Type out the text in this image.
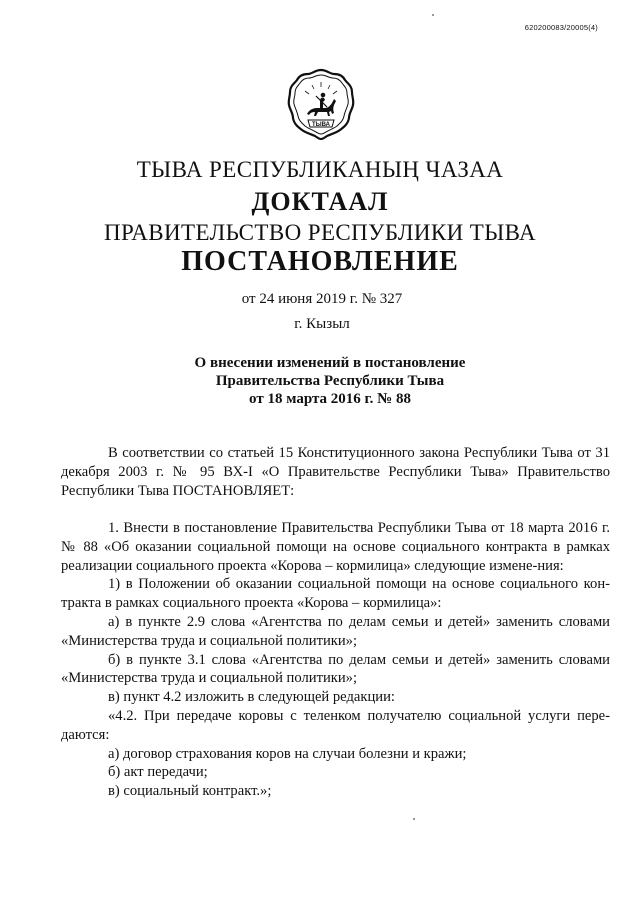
620200083/20005(4)
ТЫВА
ТЫВА РЕСПУБЛИКАНЫҢ ЧАЗАА
ДОКТААЛ
ПРАВИТЕЛЬСТВО РЕСПУБЛИКИ ТЫВА
ПОСТАНОВЛЕНИЕ
от 24 июня 2019 г. № 327
г. Кызыл
О внесении изменений в постановление
Правительства Республики Тыва
от 18 марта 2016 г. № 88

В соответствии со статьей 15 Конституционного закона Республики Тыва от 31 декабря 2003 г. № 95 ВХ-I «О Правительстве Республики Тыва» Правительство Республики Тыва ПОСТАНОВЛЯЕТ:

1. Внести в постановление Правительства Республики Тыва от 18 марта 2016 г. № 88 «Об оказании социальной помощи на основе социального контракта в рамках реализации социального проекта «Корова – кормилица» следующие измене-ния:

1) в Положении об оказании социальной помощи на основе социального кон-тракта в рамках социального проекта «Корова – кормилица»:

а) в пункте 2.9 слова «Агентства по делам семьи и детей» заменить словами «Министерства труда и социальной политики»;

б) в пункте 3.1 слова «Агентства по делам семьи и детей» заменить словами «Министерства труда и социальной политики»;

в) пункт 4.2 изложить в следующей редакции:

«4.2. При передаче коровы с теленком получателю социальной услуги пере-даются:

а) договор страхования коров на случаи болезни и кражи;

б) акт передачи;

в) социальный контракт.»;
